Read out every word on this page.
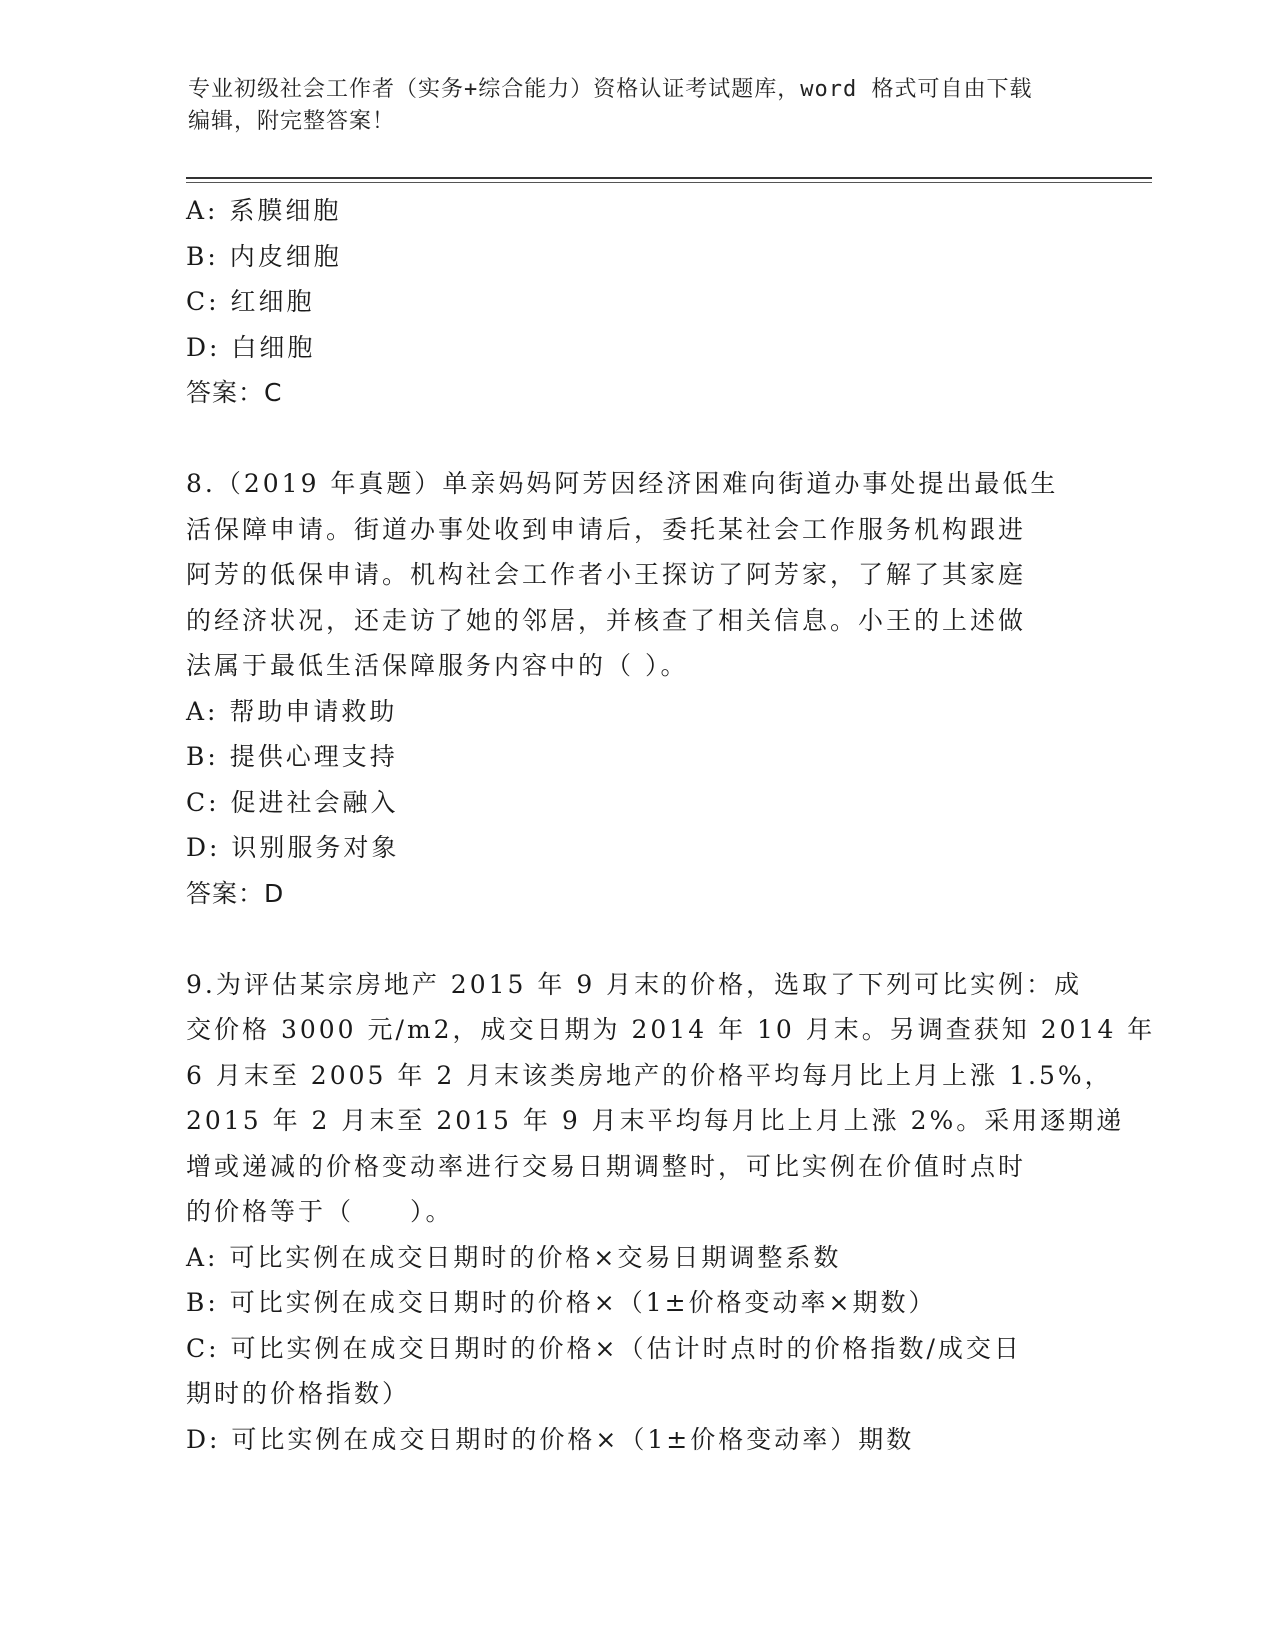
专业初级社会工作者（实务+综合能力）资格认证考试题库，word 格式可自由下载
编辑，附完整答案！
A: 系膜细胞
B: 内皮细胞
C: 红细胞
D: 白细胞
答案：C
8.（2019 年真题）单亲妈妈阿芳因经济困难向街道办事处提出最低生
活保障申请。街道办事处收到申请后，委托某社会工作服务机构跟进
阿芳的低保申请。机构社会工作者小王探访了阿芳家，了解了其家庭
的经济状况，还走访了她的邻居，并核查了相关信息。小王的上述做
法属于最低生活保障服务内容中的（ ）。
A: 帮助申请救助
B: 提供心理支持
C: 促进社会融入
D: 识别服务对象
答案：D
9.为评估某宗房地产 2015 年 9 月末的价格，选取了下列可比实例：成
交价格 3000 元/m2，成交日期为 2014 年 10 月末。另调查获知 2014 年
6 月末至 2005 年 2 月末该类房地产的价格平均每月比上月上涨 1.5%，
2015 年 2 月末至 2015 年 9 月末平均每月比上月上涨 2%。采用逐期递
增或递减的价格变动率进行交易日期调整时，可比实例在价值时点时
的价格等于（　　）。
A: 可比实例在成交日期时的价格×交易日期调整系数
B: 可比实例在成交日期时的价格×（1±价格变动率×期数）
C: 可比实例在成交日期时的价格×（估计时点时的价格指数/成交日
期时的价格指数）
D: 可比实例在成交日期时的价格×（1±价格变动率）期数
